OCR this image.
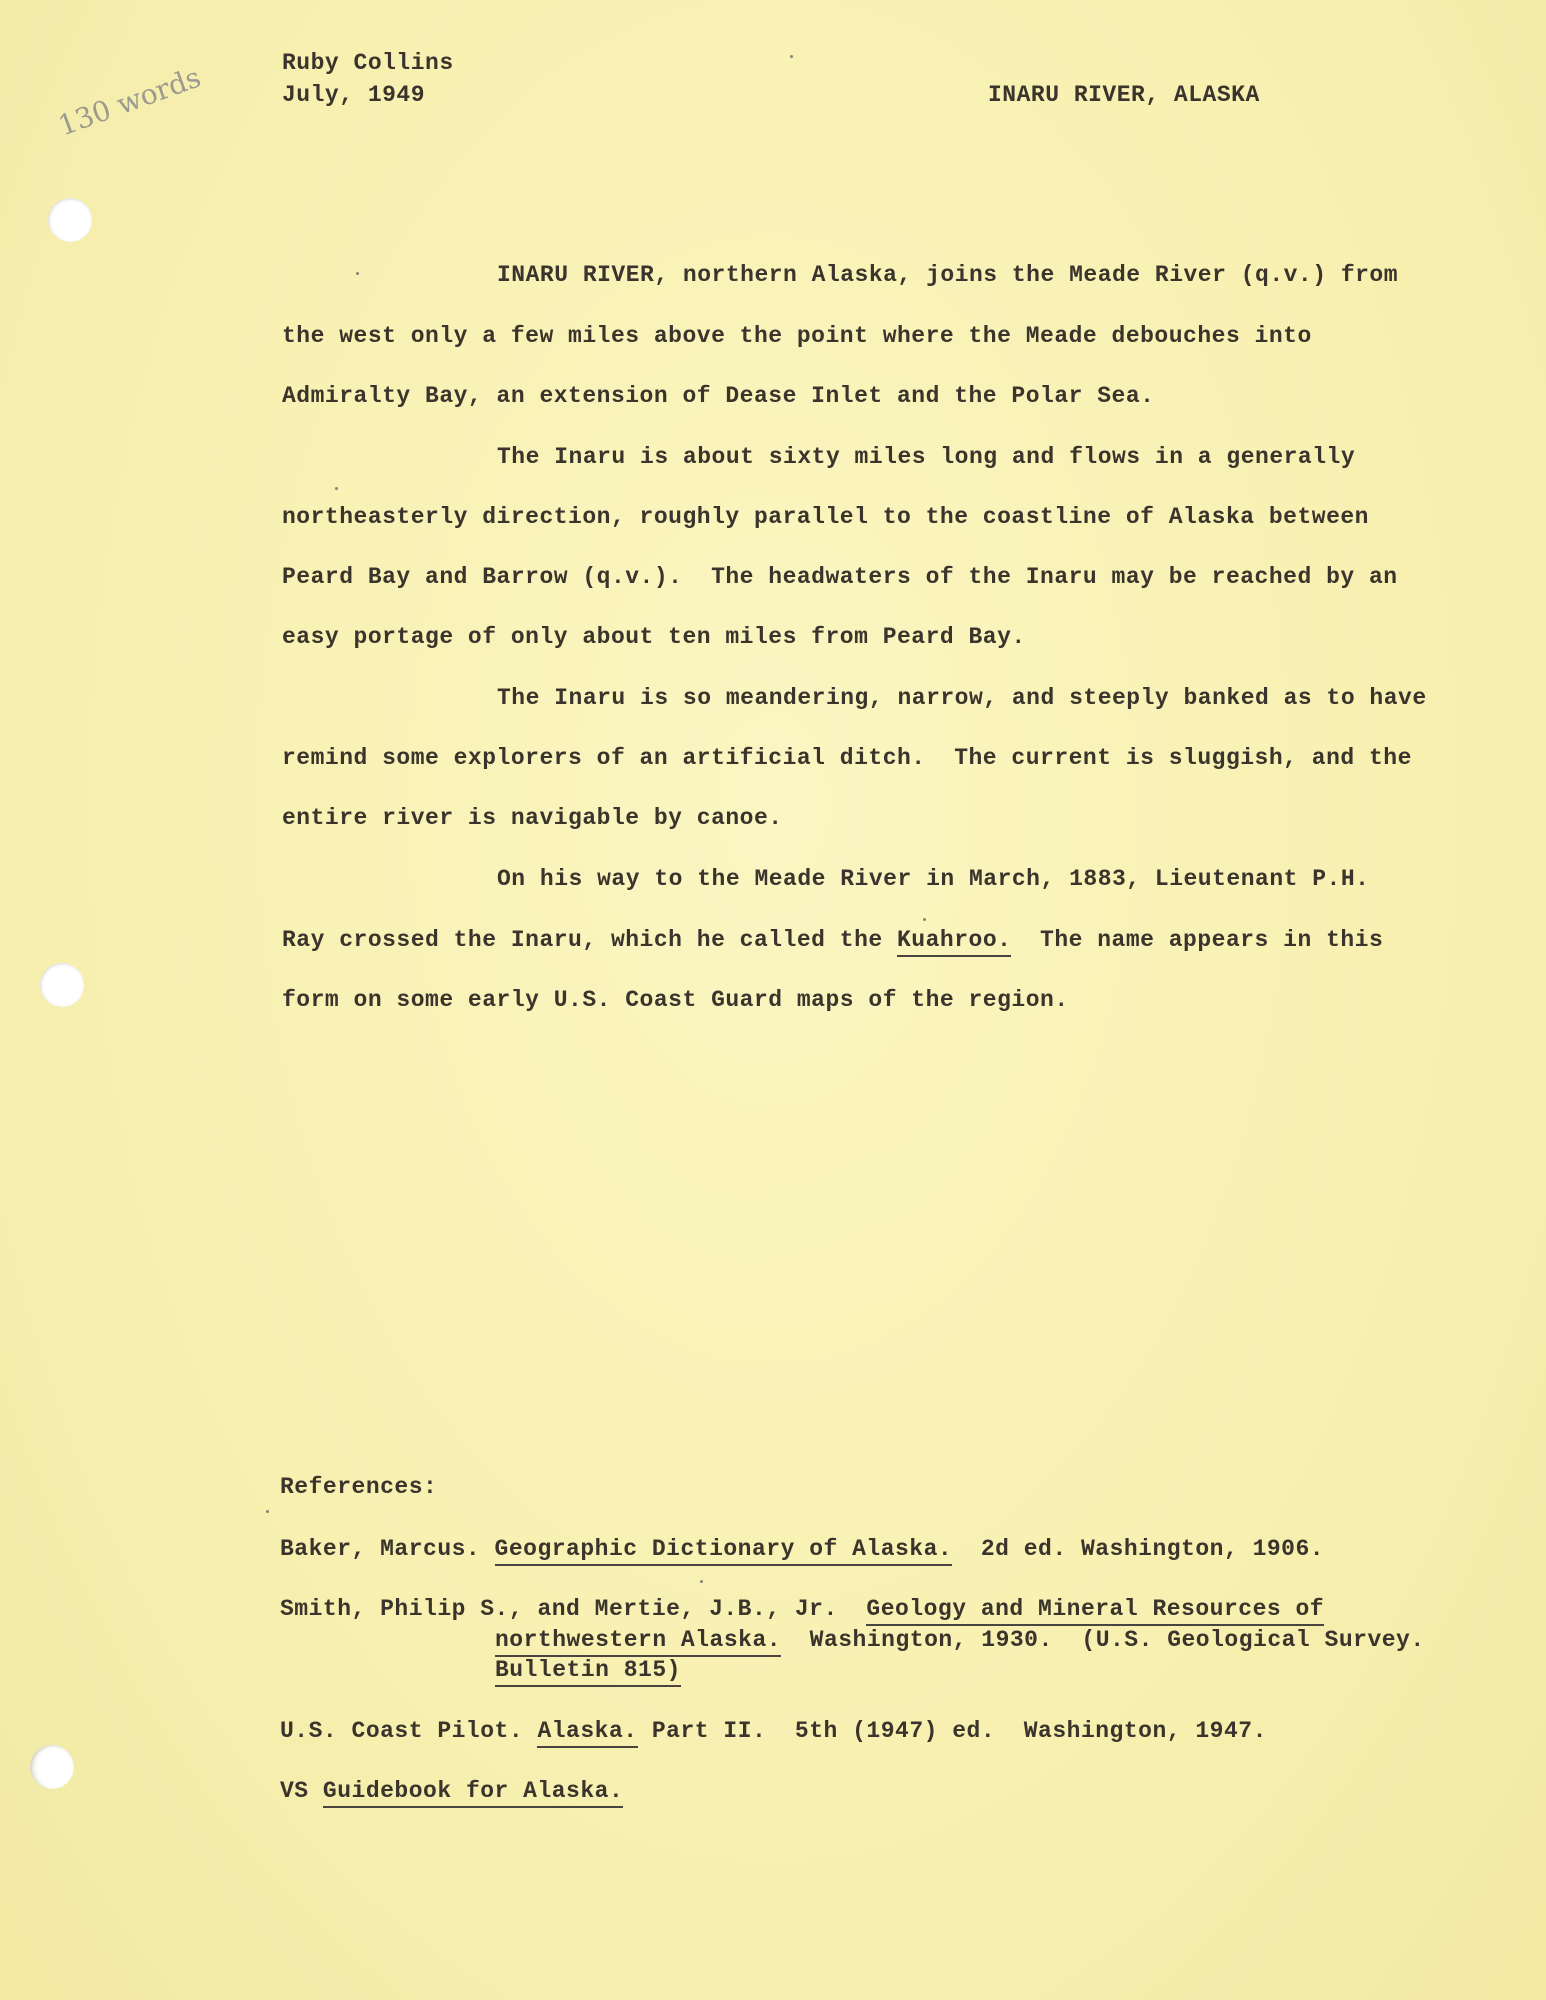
130 words	Ruby Collins
July, 1949	INARU RIVER, ALASKA
INARU RIVER, northern Alaska, joins the Meade River (q.v.) from
the west only a few miles above the point where the Meade debouches into
Admiralty Bay, an extension of Dease Inlet and the Polar Sea.
The Inaru is about sixty miles long and flows in a generally
northeasterly direction, roughly parallel to the coastline of Alaska between
Peard Bay and Barrow (q.v.).  The headwaters of the Inaru may be reached by an
easy portage of only about ten miles from Peard Bay.
The Inaru is so meandering, narrow, and steeply banked as to have
remind some explorers of an artificial ditch.  The current is sluggish, and the
entire river is navigable by canoe.
On his way to the Meade River in March, 1883, Lieutenant P.H.
Ray crossed the Inaru, which he called the Kuahroo.  The name appears in this
form on some early U.S. Coast Guard maps of the region.
References:
Baker, Marcus. Geographic Dictionary of Alaska.  2d ed. Washington, 1906.
Smith, Philip S., and Mertie, J.B., Jr.  Geology and Mineral Resources of
northwestern Alaska.  Washington, 1930.  (U.S. Geological Survey.
Bulletin 815)
U.S. Coast Pilot. Alaska. Part II.  5th (1947) ed.  Washington, 1947.
VS Guidebook for Alaska.
